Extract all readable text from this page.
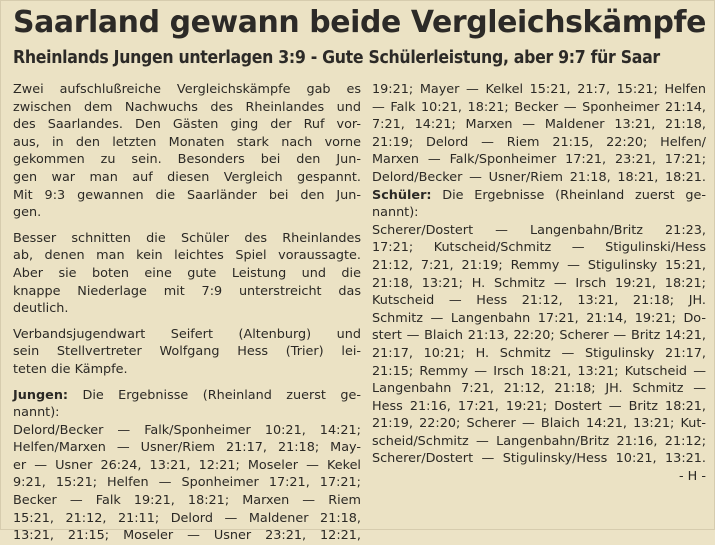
Saarland gewann beide Vergleichskämpfe
Rheinlands Jungen unterlagen 3:9 - Gute Schülerleistung, aber 9:7 für Saar

Zwei aufschlußreiche Vergleichskämpfe gab es
zwischen dem Nachwuchs des Rheinlandes und
des Saarlandes. Den Gästen ging der Ruf vor-
aus, in den letzten Monaten stark nach vorne
gekommen zu sein. Besonders bei den Jun-
gen war man auf diesen Vergleich gespannt.
Mit 9:3 gewannen die Saarländer bei den Jun-
gen.

Besser schnitten die Schüler des Rheinlandes
ab, denen man kein leichtes Spiel voraussagte.
Aber sie boten eine gute Leistung und die
knappe Niederlage mit 7:9 unterstreicht das
deutlich.

Verbandsjugendwart Seifert (Altenburg) und
sein Stellvertreter Wolfgang Hess (Trier) lei-
teten die Kämpfe.

Jungen: Die Ergebnisse (Rheinland zuerst ge-
nannt):
Delord/Becker — Falk/Sponheimer 10:21, 14:21;
Helfen/Marxen — Usner/Riem 21:17, 21:18; May-
er — Usner 26:24, 13:21, 12:21; Moseler — Kekel
9:21, 15:21; Helfen — Sponheimer 17:21, 17:21;
Becker — Falk 19:21, 18:21; Marxen — Riem
15:21, 21:12, 21:11; Delord — Maldener 21:18,
13:21, 21:15; Moseler — Usner 23:21, 12:21,

19:21; Mayer — Kelkel 15:21, 21:7, 15:21; Helfen
— Falk 10:21, 18:21; Becker — Sponheimer 21:14,
7:21, 14:21; Marxen — Maldener 13:21, 21:18,
21:19; Delord — Riem 21:15, 22:20; Helfen/
Marxen — Falk/Sponheimer 17:21, 23:21, 17:21;
Delord/Becker — Usner/Riem 21:18, 18:21, 18:21.

Schüler: Die Ergebnisse (Rheinland zuerst ge-
nannt):
Scherer/Dostert — Langenbahn/Britz 21:23,
17:21; Kutscheid/Schmitz — Stigulinski/Hess
21:12, 7:21, 21:19; Remmy — Stigulinsky 15:21,
21:18, 13:21; H. Schmitz — Irsch 19:21, 18:21;
Kutscheid — Hess 21:12, 13:21, 21:18; JH.
Schmitz — Langenbahn 17:21, 21:14, 19:21; Do-
stert — Blaich 21:13, 22:20; Scherer — Britz 14:21,
21:17, 10:21; H. Schmitz — Stigulinsky 21:17,
21:15; Remmy — Irsch 18:21, 13:21; Kutscheid —
Langenbahn 7:21, 21:12, 21:18; JH. Schmitz —
Hess 21:16, 17:21, 19:21; Dostert — Britz 18:21,
21:19, 22:20; Scherer — Blaich 14:21, 13:21; Kut-
scheid/Schmitz — Langenbahn/Britz 21:16, 21:12;
Scherer/Dostert — Stigulinsky/Hess 10:21, 13:21.
- H -
